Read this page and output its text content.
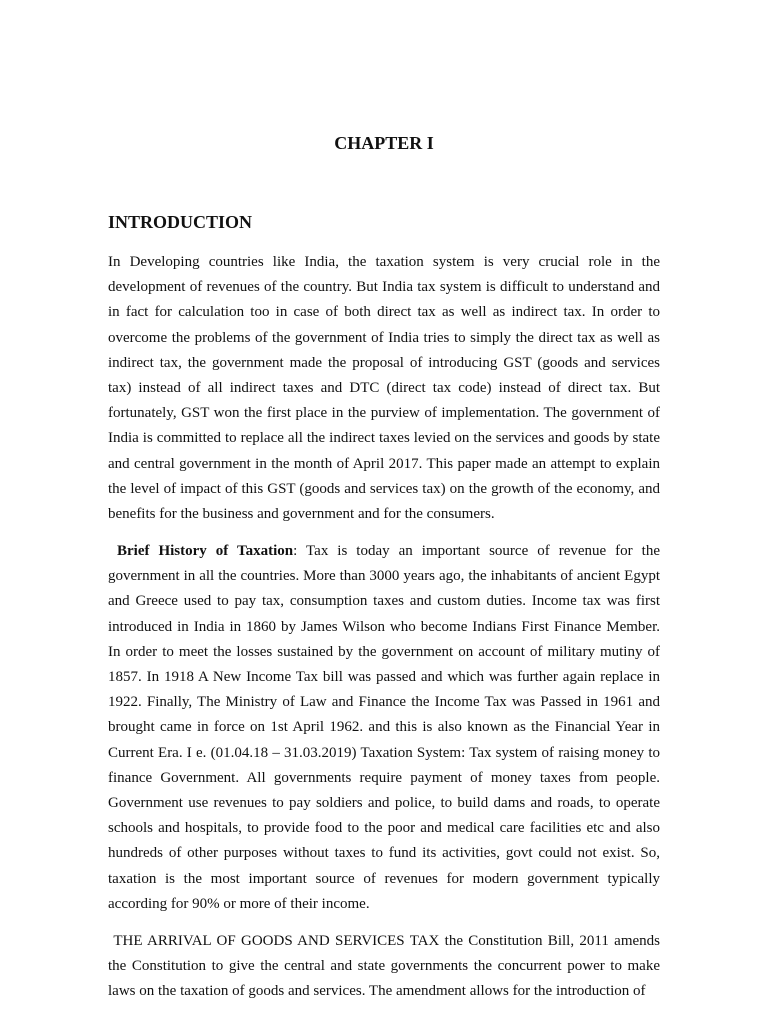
CHAPTER I
INTRODUCTION

In Developing countries like India, the taxation system is very crucial role in the development of revenues of the country. But India tax system is difficult to understand and in fact for calculation too in case of both direct tax as well as indirect tax. In order to overcome the problems of the government of India tries to simply the direct tax as well as indirect tax, the government made the proposal of introducing GST (goods and services tax) instead of all indirect taxes and DTC (direct tax code) instead of direct tax. But fortunately, GST won the first place in the purview of implementation. The government of India is committed to replace all the indirect taxes levied on the services and goods by state and central government in the month of April 2017. This paper made an attempt to explain the level of impact of this GST (goods and services tax) on the growth of the economy, and benefits for the business and government and for the consumers.

Brief History of Taxation: Tax is today an important source of revenue for the government in all the countries. More than 3000 years ago, the inhabitants of ancient Egypt and Greece used to pay tax, consumption taxes and custom duties. Income tax was first introduced in India in 1860 by James Wilson who become Indians First Finance Member. In order to meet the losses sustained by the government on account of military mutiny of 1857. In 1918 A New Income Tax bill was passed and which was further again replace in 1922. Finally, The Ministry of Law and Finance the Income Tax was Passed in 1961 and brought came in force on 1st April 1962. and this is also known as the Financial Year in Current Era. I e. (01.04.18 – 31.03.2019) Taxation System: Tax system of raising money to finance Government. All governments require payment of money taxes from people. Government use revenues to pay soldiers and police, to build dams and roads, to operate schools and hospitals, to provide food to the poor and medical care facilities etc and also hundreds of other purposes without taxes to fund its activities, govt could not exist. So, taxation is the most important source of revenues for modern government typically according for 90% or more of their income.

THE ARRIVAL OF GOODS AND SERVICES TAX the Constitution Bill, 2011 amends the Constitution to give the central and state governments the concurrent power to make laws on the taxation of goods and services. The amendment allows for the introduction of
